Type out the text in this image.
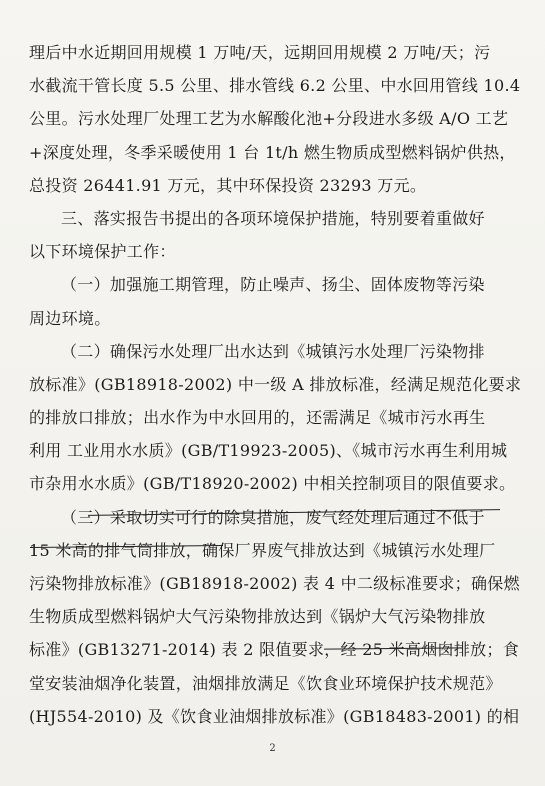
理后中水近期回用规模 1 万吨/天，远期回用规模 2 万吨/天；污
水截流干管长度 5.5 公里、排水管线 6.2 公里、中水回用管线 10.4
公里。污水处理厂处理工艺为水解酸化池+分段进水多级 A/O 工艺
+深度处理，冬季采暖使用 1 台 1t/h 燃生物质成型燃料锅炉供热，
总投资 26441.91 万元，其中环保投资 23293 万元。
三、落实报告书提出的各项环境保护措施，特别要着重做好
以下环境保护工作：
（一）加强施工期管理，防止噪声、扬尘、固体废物等污染
周边环境。
（二）确保污水处理厂出水达到《城镇污水处理厂污染物排
放标准》(GB18918-2002) 中一级 A 排放标准，经满足规范化要求
的排放口排放；出水作为中水回用的，还需满足《城市污水再生
利用 工业用水水质》(GB/T19923-2005)、《城市污水再生利用城
市杂用水水质》(GB/T18920-2002) 中相关控制项目的限值要求。
（三）采取切实可行的除臭措施，废气经处理后通过不低于
15 米高的排气筒排放，确保厂界废气排放达到《城镇污水处理厂
污染物排放标准》(GB18918-2002) 表 4 中二级标准要求；确保燃
生物质成型燃料锅炉大气污染物排放达到《锅炉大气污染物排放
标准》(GB13271-2014) 表 2 限值要求，经 25 米高烟囱排放；食
堂安装油烟净化装置，油烟排放满足《饮食业环境保护技术规范》
(HJ554-2010) 及《饮食业油烟排放标准》(GB18483-2001) 的相
2
